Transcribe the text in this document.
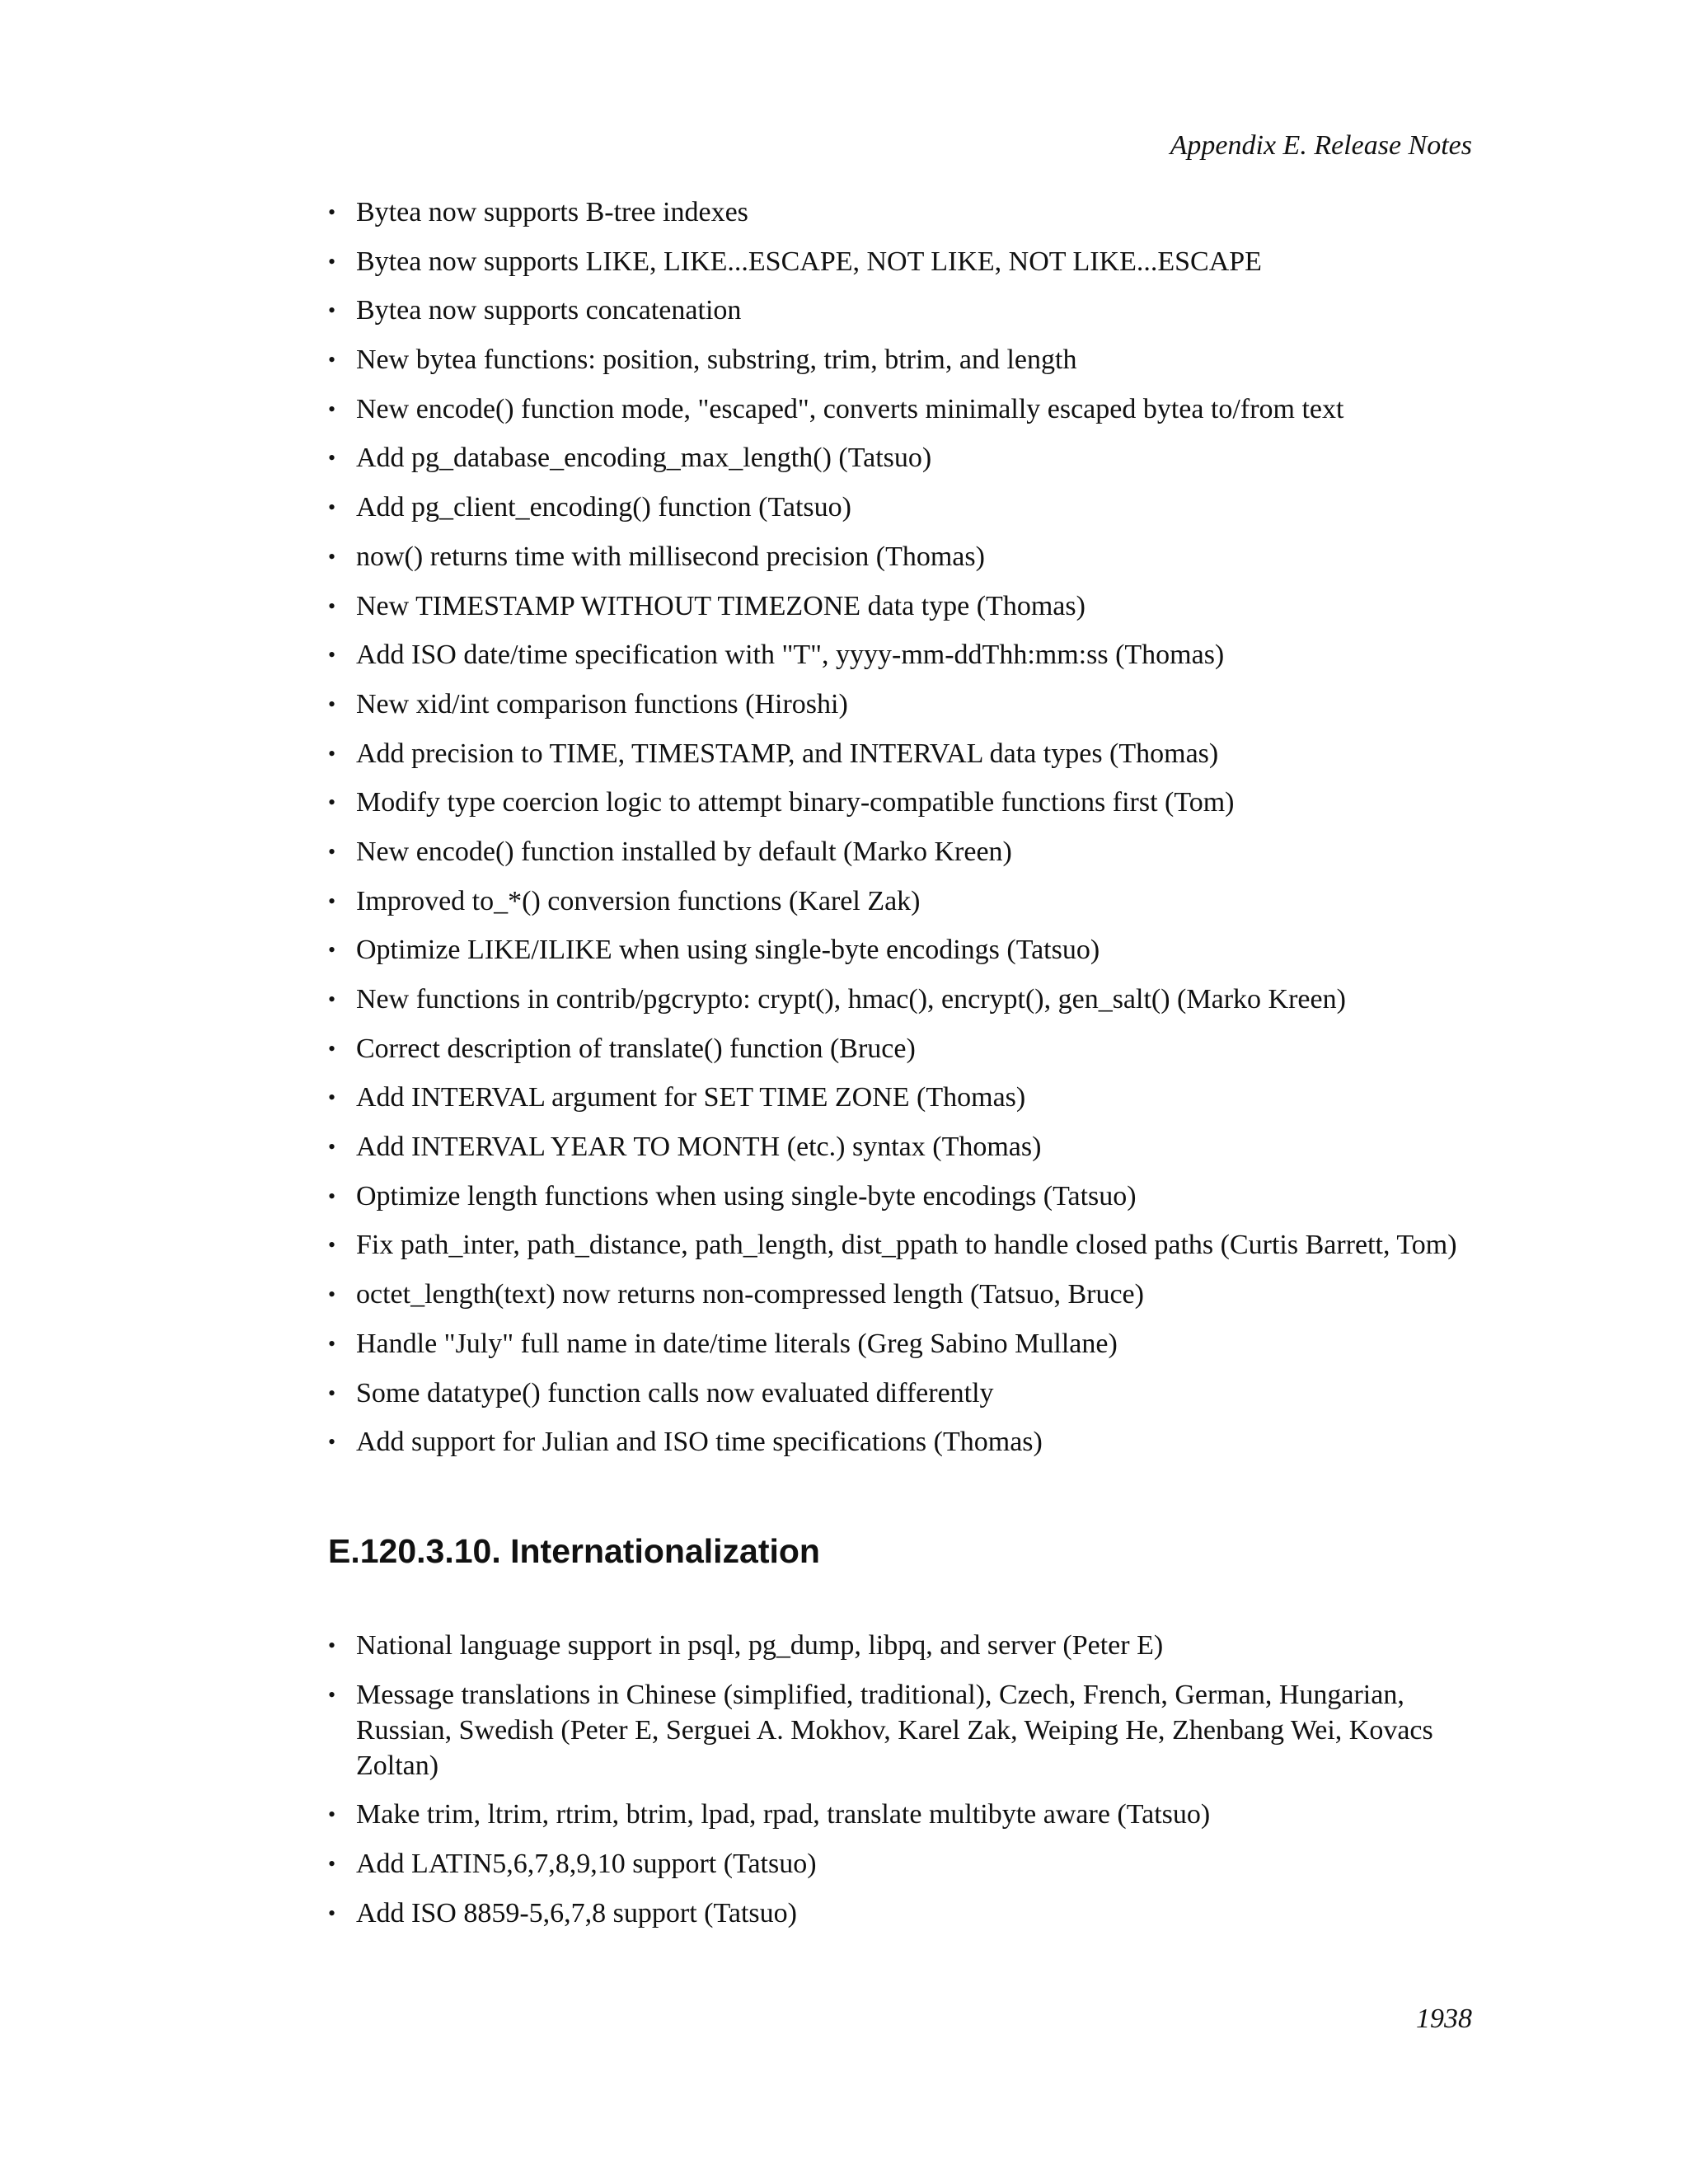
Appendix E. Release Notes
• Bytea now supports B-tree indexes
• Bytea now supports LIKE, LIKE...ESCAPE, NOT LIKE, NOT LIKE...ESCAPE
• Bytea now supports concatenation
• New bytea functions: position, substring, trim, btrim, and length
• New encode() function mode, "escaped", converts minimally escaped bytea to/from text
• Add pg_database_encoding_max_length() (Tatsuo)
• Add pg_client_encoding() function (Tatsuo)
• now() returns time with millisecond precision (Thomas)
• New TIMESTAMP WITHOUT TIMEZONE data type (Thomas)
• Add ISO date/time specification with "T", yyyy-mm-ddThh:mm:ss (Thomas)
• New xid/int comparison functions (Hiroshi)
• Add precision to TIME, TIMESTAMP, and INTERVAL data types (Thomas)
• Modify type coercion logic to attempt binary-compatible functions first (Tom)
• New encode() function installed by default (Marko Kreen)
• Improved to_*() conversion functions (Karel Zak)
• Optimize LIKE/ILIKE when using single-byte encodings (Tatsuo)
• New functions in contrib/pgcrypto: crypt(), hmac(), encrypt(), gen_salt() (Marko Kreen)
• Correct description of translate() function (Bruce)
• Add INTERVAL argument for SET TIME ZONE (Thomas)
• Add INTERVAL YEAR TO MONTH (etc.) syntax (Thomas)
• Optimize length functions when using single-byte encodings (Tatsuo)
• Fix path_inter, path_distance, path_length, dist_ppath to handle closed paths (Curtis Barrett, Tom)
• octet_length(text) now returns non-compressed length (Tatsuo, Bruce)
• Handle "July" full name in date/time literals (Greg Sabino Mullane)
• Some datatype() function calls now evaluated differently
• Add support for Julian and ISO time specifications (Thomas)
E.120.3.10. Internationalization
• National language support in psql, pg_dump, libpq, and server (Peter E)
• Message translations in Chinese (simplified, traditional), Czech, French, German, Hungarian, Russian, Swedish (Peter E, Serguei A. Mokhov, Karel Zak, Weiping He, Zhenbang Wei, Kovacs Zoltan)
• Make trim, ltrim, rtrim, btrim, lpad, rpad, translate multibyte aware (Tatsuo)
• Add LATIN5,6,7,8,9,10 support (Tatsuo)
• Add ISO 8859-5,6,7,8 support (Tatsuo)
1938
